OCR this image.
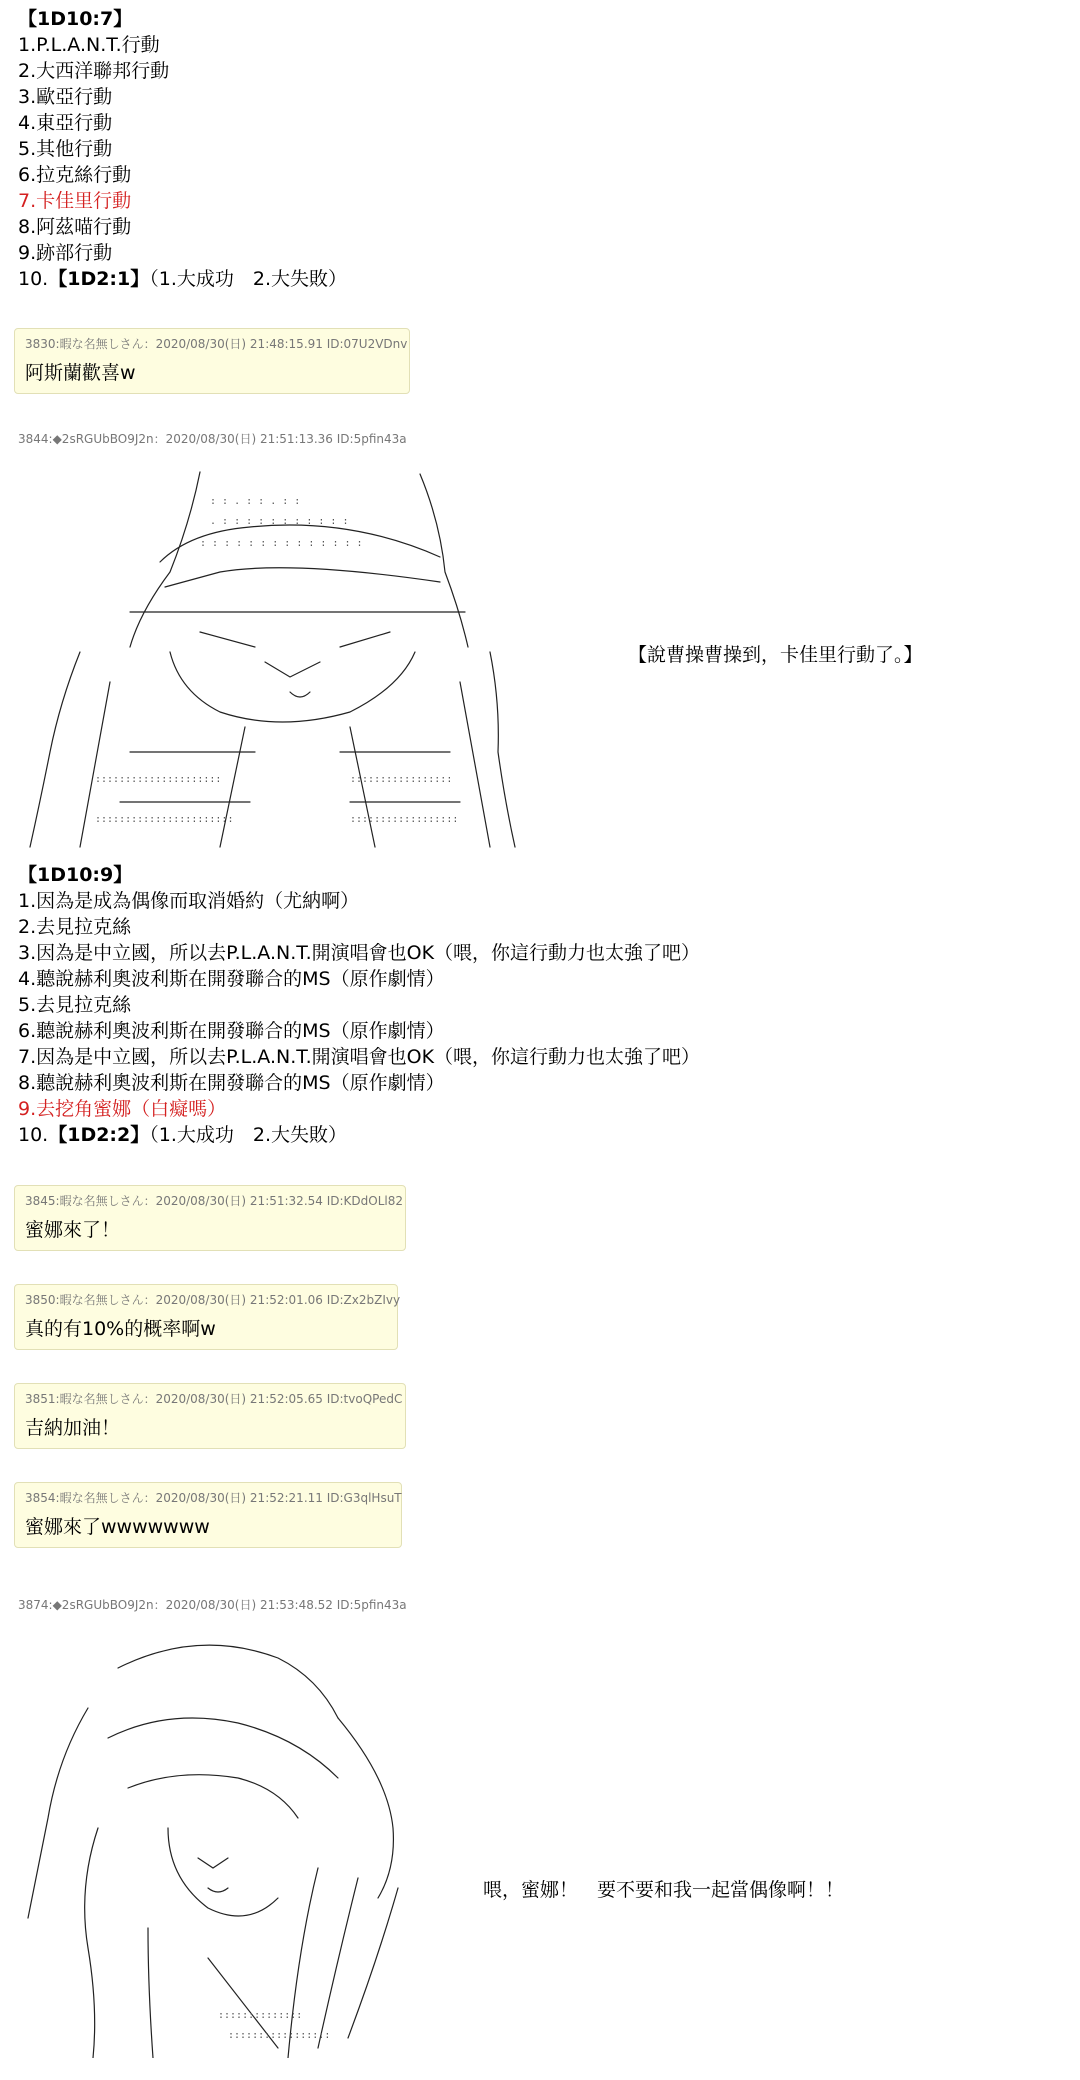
【1D10:7】
1.P.L.A.N.T.行動
2.大西洋聯邦行動
3.歐亞行動
4.東亞行動
5.其他行動
6.拉克絲行動
7.卡佳里行動
8.阿茲喵行動
9.跡部行動
10.【1D2:1】（1.大成功　2.大失敗）
3830:暇な名無しさん：2020/08/30(日) 21:48:15.91 ID:07U2VDnv
阿斯蘭歡喜w
3844:◆2sRGUbBO9J2n：2020/08/30(日) 21:51:13.36 ID:5pfin43a
: : . : : . : :
. : : : : : : : : : : :
: : : : : : : : : : : : : :
:::::::::::::::::::::	:::::::::::::::::
:::::::::::::::::::::::	::::::::::::::::::
【說曹操曹操到，卡佳里行動了。】
【1D10:9】
1.因為是成為偶像而取消婚約（尤納啊）
2.去見拉克絲
3.因為是中立國，所以去P.L.A.N.T.開演唱會也OK（喂，你這行動力也太強了吧）
4.聽說赫利奧波利斯在開發聯合的MS（原作劇情）
5.去見拉克絲
6.聽說赫利奧波利斯在開發聯合的MS（原作劇情）
7.因為是中立國，所以去P.L.A.N.T.開演唱會也OK（喂，你這行動力也太強了吧）
8.聽說赫利奧波利斯在開發聯合的MS（原作劇情）
9.去挖角蜜娜（白癡嗎）
10.【1D2:2】（1.大成功　2.大失敗）
3845:暇な名無しさん：2020/08/30(日) 21:51:32.54 ID:KDdOLl82
蜜娜來了！
3850:暇な名無しさん：2020/08/30(日) 21:52:01.06 ID:Zx2bZIvy
真的有10%的概率啊w
3851:暇な名無しさん：2020/08/30(日) 21:52:05.65 ID:tvoQPedC
吉納加油！
3854:暇な名無しさん：2020/08/30(日) 21:52:21.11 ID:G3qlHsuT
蜜娜來了wwwwwww
3874:◆2sRGUbBO9J2n：2020/08/30(日) 21:53:48.52 ID:5pfin43a
::::::::::::::
:::::::::::::::::
喂，蜜娜！　要不要和我一起當偶像啊！！
